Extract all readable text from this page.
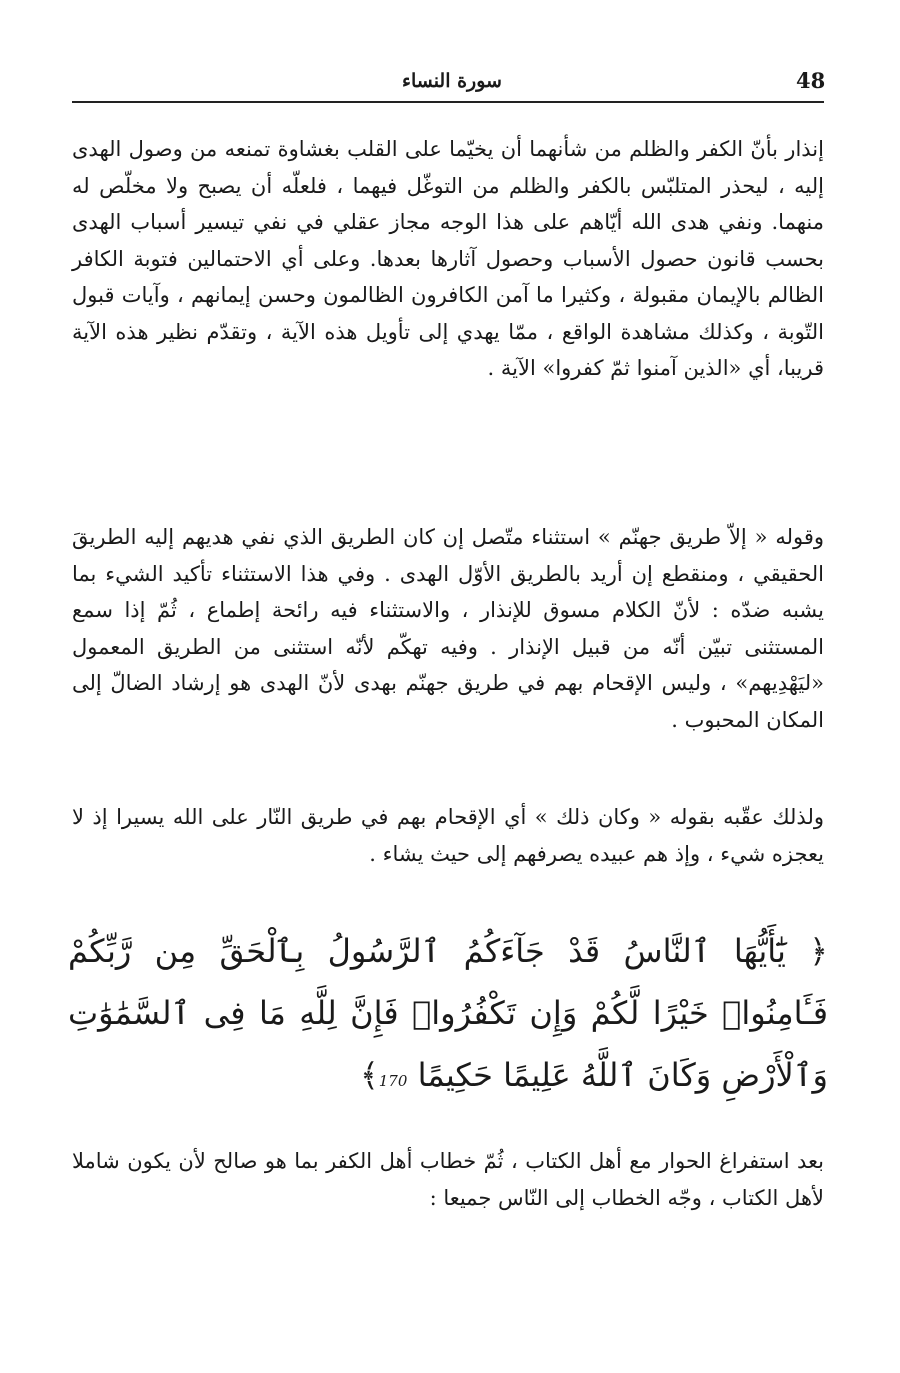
48
سورة النساء

إنذار بأنّ الكفر والظلم من شأنهما أن يخيّما على القلب بغشاوة تمنعه من وصول الهدى إليه ، ليحذر المتلبّس بالكفر والظلم من التوغّل فيهما ، فلعلّه أن يصبح ولا مخلّص له منهما. ونفي هدى الله أيّاهم على هذا الوجه مجاز عقلي في نفي تيسير أسباب الهدى بحسب قانون حصول الأسباب وحصول آثارها بعدها. وعلى أي الاحتمالين فتوبة الكافر الظالم بالإيمان مقبولة ، وكثيرا ما آمن الكافرون الظالمون وحسن إيمانهم ، وآيات قبول التّوبة ، وكذلك مشاهدة الواقع ، ممّا يهدي إلى تأويل هذه الآية ، وتقدّم نظير هذه الآية قريبا، أي «الذين آمنوا ثمّ كفروا» الآية .

وقوله « إلاّ طريق جهنّم » استثناء متّصل إن كان الطريق الذي نفي هديهم إليه الطريقَ الحقيقي ، ومنقطع إن أريد بالطريق الأوّل الهدى . وفي هذا الاستثناء تأكيد الشيء بما يشبه ضدّه : لأنّ الكلام مسوق للإنذار ، والاستثناء فيه رائحة إطماع ، ثُمّ إذا سمع المستثنى تبيّن أنّه من قبيل الإنذار . وفيه تهكّم لأنّه استثنى من الطريق المعمول «ليَهْدِيهم» ، وليس الإقحام بهم في طريق جهنّم بهدى لأنّ الهدى هو إرشاد الضالّ إلى المكان المحبوب .

ولذلك عقّبه بقوله « وكان ذلك » أي الإقحام بهم في طريق النّار على الله يسيرا إذ لا يعجزه شيء ، وإذ هم عبيده يصرفهم إلى حيث يشاء .

﴿ يَٰٓأَيُّهَا ٱلنَّاسُ قَدْ جَآءَكُمُ ٱلرَّسُولُ بِٱلْحَقِّ مِن رَّبِّكُمْ فَـَٔامِنُوا۟ خَيْرًا لَّكُمْ وَإِن تَكْفُرُوا۟ فَإِنَّ لِلَّهِ مَا فِى ٱلسَّمَٰوَٰتِ وَٱلْأَرْضِ وَكَانَ ٱللَّهُ عَلِيمًا حَكِيمًا 170﴾

بعد استفراغ الحوار مع أهل الكتاب ، ثُمّ خطاب أهل الكفر بما هو صالح لأن يكون شاملا لأهل الكتاب ، وجّه الخطاب إلى النّاس جميعا :
